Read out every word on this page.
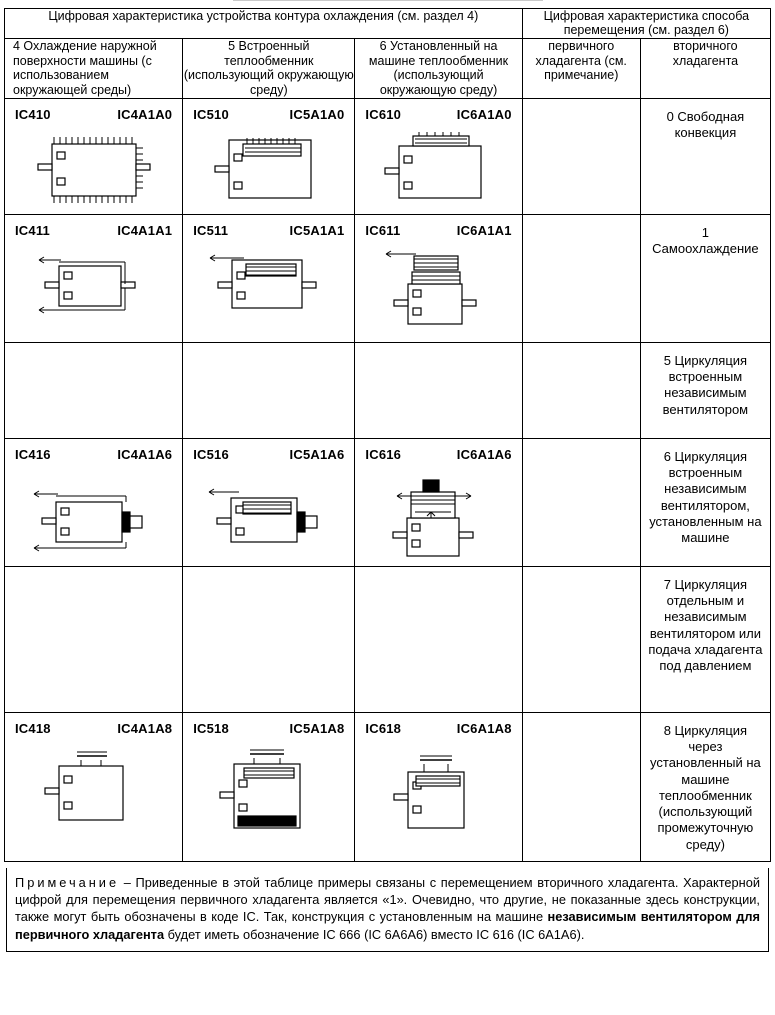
Цифровая характеристика устройства контура охлаждения (см. раздел 4)			Цифровая характеристика способа перемещения (см. раздел 6)	
4 Охлаждение наружной поверхности машины (с использованием окружающей среды)	5 Встроенный теплообменник (использующий окружающую среду)	6 Установленный на машине теплообменник (использующий окружающую среду)	первичного хладагента (см. примечание)	вторичного хладагента

IC410 IC4A1A0	IC510 IC5A1A0	IC610 IC6A1A0		0 Свободная конвекция

IC411 IC4A1A1	IC511 IC5A1A1	IC611 IC6A1A1		1 Самоохлаждение

				5 Циркуляция встроенным независимым вентилятором

IC416 IC4A1A6	IC516 IC5A1A6	IC616 IC6A1A6		6 Циркуляция встроенным независимым вентилятором, установленным на машине

				7 Циркуляция отдельным и независимым вентилятором или подача хладагента под давлением

IC418 IC4A1A8	IC518 IC5A1A8	IC618 IC6A1A8		8 Циркуляция через установленный на машине теплообменник (использующий промежуточную среду)
Примечание – Приведенные в этой таблице примеры связаны с перемещением вторичного хладагента. Характерной цифрой для перемещения первичного хладагента является «1». Очевидно, что другие, не показанные здесь конструкции, также могут быть обозначены в коде IC. Так, конструкция с установленным на машине независимым вентилятором для первичного хладагента будет иметь обозначение IC 666 (IC 6A6A6) вместо IC 616 (IC 6A1A6).
